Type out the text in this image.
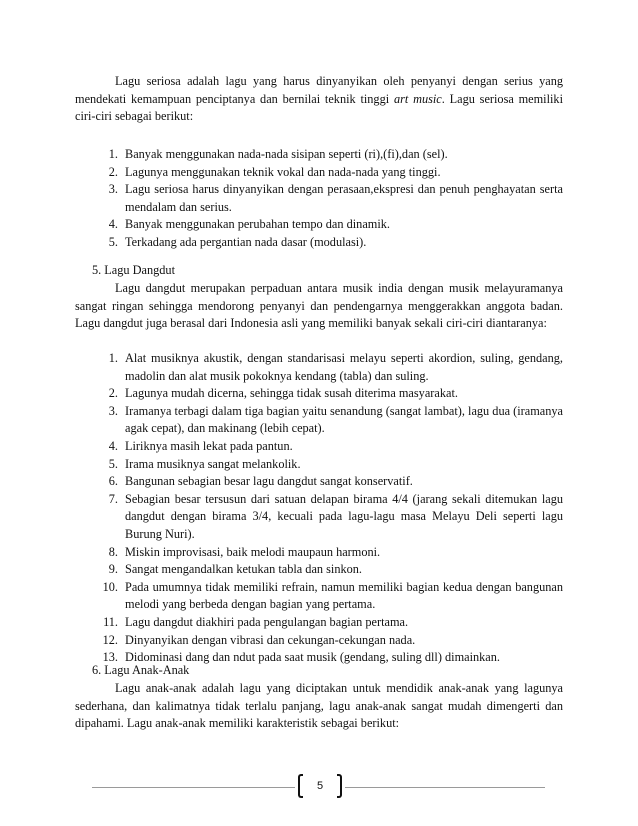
Lagu seriosa adalah lagu yang harus dinyanyikan oleh penyanyi dengan serius yang mendekati kemampuan penciptanya dan bernilai teknik tinggi art music. Lagu seriosa memiliki ciri-ciri sebagai berikut:

1. Banyak menggunakan nada-nada sisipan seperti (ri),(fi),dan (sel).
2. Lagunya menggunakan teknik vokal dan nada-nada yang tinggi.
3. Lagu seriosa harus dinyanyikan dengan perasaan,ekspresi dan penuh penghayatan serta mendalam dan serius.
4. Banyak menggunakan perubahan tempo dan dinamik.
5. Terkadang ada pergantian nada dasar (modulasi).

5. Lagu Dangdut

Lagu dangdut merupakan perpaduan antara musik india dengan musik melayuramanya sangat ringan sehingga mendorong penyanyi dan pendengarnya menggerakkan anggota badan. Lagu dangdut juga berasal dari Indonesia asli yang memiliki banyak sekali ciri-ciri diantaranya:

1. Alat musiknya akustik, dengan standarisasi melayu seperti akordion, suling, gendang, madolin dan alat musik pokoknya kendang (tabla) dan suling.
2. Lagunya mudah dicerna, sehingga tidak susah diterima masyarakat.
3. Iramanya terbagi dalam tiga bagian yaitu senandung (sangat lambat), lagu dua (iramanya agak cepat), dan makinang (lebih cepat).
4. Liriknya masih lekat pada pantun.
5. Irama musiknya sangat melankolik.
6. Bangunan sebagian besar lagu dangdut sangat konservatif.
7. Sebagian besar tersusun dari satuan delapan birama 4/4 (jarang sekali ditemukan lagu dangdut dengan birama 3/4, kecuali pada lagu-lagu masa Melayu Deli seperti lagu Burung Nuri).
8. Miskin improvisasi, baik melodi maupaun harmoni.
9. Sangat mengandalkan ketukan tabla dan sinkon.
10. Pada umumnya tidak memiliki refrain, namun memiliki bagian kedua dengan bangunan melodi yang berbeda dengan bagian yang pertama.
11. Lagu dangdut diakhiri pada pengulangan bagian pertama.
12. Dinyanyikan dengan vibrasi dan cekungan-cekungan nada.
13. Didominasi dang dan ndut pada saat musik (gendang, suling dll) dimainkan.

6. Lagu Anak-Anak

Lagu anak-anak adalah lagu yang diciptakan untuk mendidik anak-anak yang lagunya sederhana, dan kalimatnya tidak terlalu panjang, lagu anak-anak sangat mudah dimengerti dan dipahami. Lagu anak-anak memiliki karakteristik sebagai berikut:

5
